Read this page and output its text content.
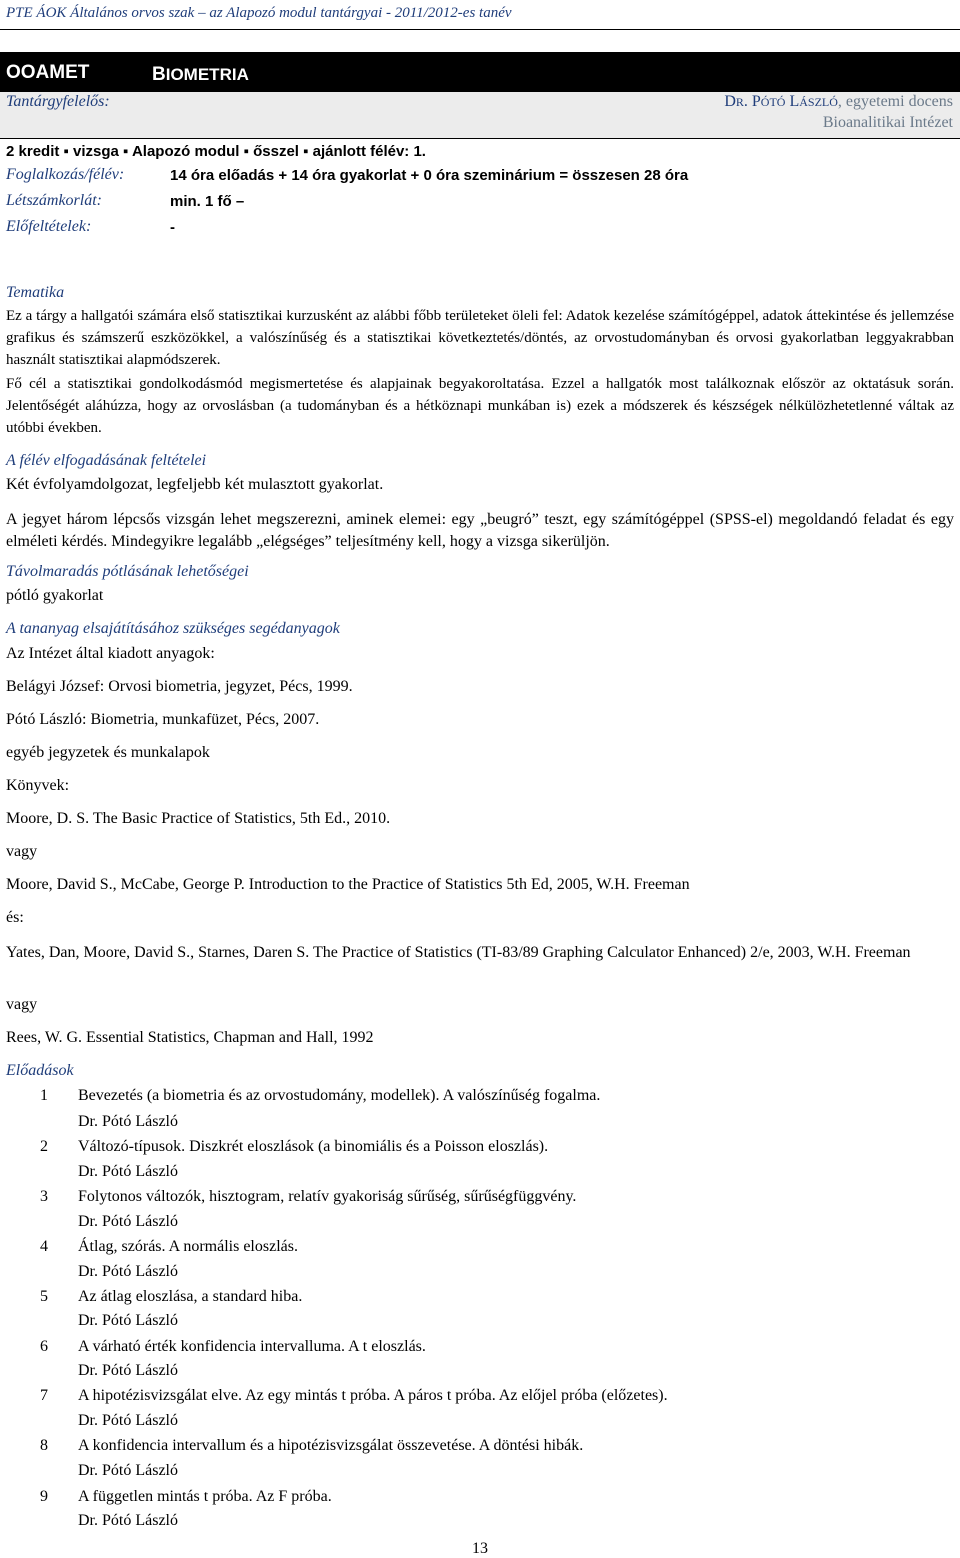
PTE ÁOK Általános orvos szak – az Alapozó modul tantárgyai - 2011/2012-es tanév
OOAMET	BIOMETRIA
Tantárgyfelelős:	DR. PÓTÓ LÁSZLÓ, egyetemi docens
Bioanalitikai Intézet
2 kredit ▪ vizsga ▪ Alapozó modul ▪ ősszel ▪ ajánlott félév: 1.
Foglalkozás/félév:	14 óra előadás + 14 óra gyakorlat + 0 óra szeminárium = összesen 28 óra
Létszámkorlát:	min. 1 fő –
Előfeltételek:	-
Tematika
Ez a tárgy a hallgatói számára első statisztikai kurzusként az alábbi főbb területeket öleli fel: Adatok kezelése számítógéppel, adatok áttekintése és jellemzése grafikus és számszerű eszközökkel, a valószínűség és a statisztikai következtetés/döntés, az orvostudományban és orvosi gyakorlatban leggyakrabban használt statisztikai alapmódszerek.
Fő cél a statisztikai gondolkodásmód megismertetése és alapjainak begyakoroltatása. Ezzel a hallgatók most találkoznak először az oktatásuk során. Jelentőségét aláhúzza, hogy az orvoslásban (a tudományban és a hétköznapi munkában is) ezek a módszerek és készségek nélkülözhetetlenné váltak az utóbbi években.
A félév elfogadásának feltételei
Két évfolyamdolgozat, legfeljebb két mulasztott gyakorlat.
A jegyet három lépcsős vizsgán lehet megszerezni, aminek elemei: egy „beugró” teszt, egy számítógéppel (SPSS-el) megoldandó feladat és egy elméleti kérdés. Mindegyikre legalább „elégséges” teljesítmény kell, hogy a vizsga sikerüljön.
Távolmaradás pótlásának lehetőségei
pótló gyakorlat
A tananyag elsajátításához szükséges segédanyagok
Az Intézet által kiadott anyagok:
Belágyi József: Orvosi biometria, jegyzet, Pécs, 1999.
Pótó László: Biometria, munkafüzet, Pécs, 2007.
egyéb jegyzetek és munkalapok
Könyvek:
Moore, D. S. The Basic Practice of Statistics, 5th Ed., 2010.
vagy
Moore, David S., McCabe, George P. Introduction to the Practice of Statistics 5th Ed, 2005, W.H. Freeman
és:
Yates, Dan, Moore, David S., Starnes, Daren S. The Practice of Statistics (TI-83/89 Graphing Calculator Enhanced) 2/e, 2003, W.H. Freeman
vagy
Rees, W. G. Essential Statistics, Chapman and Hall, 1992
Előadások
1 Bevezetés (a biometria és az orvostudomány, modellek). A valószínűség fogalma.
Dr. Pótó László
2 Változó-típusok. Diszkrét eloszlások (a binomiális és a Poisson eloszlás).
Dr. Pótó László
3 Folytonos változók, hisztogram, relatív gyakoriság sűrűség, sűrűségfüggvény.
Dr. Pótó László
4 Átlag, szórás. A normális eloszlás.
Dr. Pótó László
5 Az átlag eloszlása, a standard hiba.
Dr. Pótó László
6 A várható érték konfidencia intervalluma. A t eloszlás.
Dr. Pótó László
7 A hipotézisvizsgálat elve. Az egy mintás t próba. A páros t próba. Az előjel próba (előzetes).
Dr. Pótó László
8 A konfidencia intervallum és a hipotézisvizsgálat összevetése. A döntési hibák.
Dr. Pótó László
9 A független mintás t próba. Az F próba.
Dr. Pótó László
13
